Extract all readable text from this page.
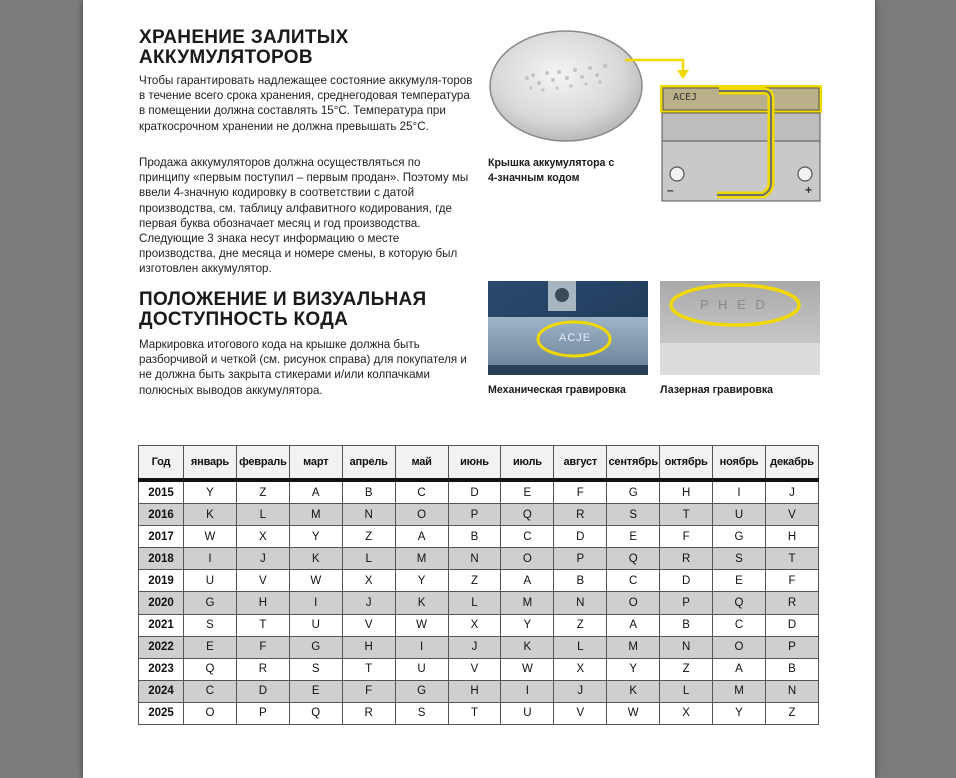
ХРАНЕНИЕ ЗАЛИТЫХ
АККУМУЛЯТОРОВ

Чтобы гарантировать надлежащее состояние аккумуля-торов в течение всего срока хранения, среднегодовая температура в помещении должна составлять 15°С. Температура при краткосрочном хранении не должна превышать 25°С.

Продажа аккумуляторов должна осуществляться по принципу «первым поступил – первым продан». Поэтому мы ввели 4-значную кодировку в соответствии с датой производства, см. таблицу алфавитного кодирования, где первая буква обозначает месяц и год производства. Следующие 3 знака несут информацию о месте производства, дне месяца и номере смены, в которую был изготовлен аккумулятор.

ПОЛОЖЕНИЕ И ВИЗУАЛЬНАЯ
ДОСТУПНОСТЬ КОДА

Маркировка итогового кода на крышке должна быть разборчивой и четкой (см. рисунок справа) для покупателя и не должна быть закрыта стикерами и/или колпачками полюсных выводов аккумулятора.

ACEJ
–	+
Крышка аккумулятора с
4-значным кодом
ACJE
Механическая гравировка
P H E D
Лазерная гравировка
Год	январь	февраль	март	апрель	май	июнь	июль	август	сентябрь	октябрь	ноябрь	декабрь
2015	Y	Z	A	B	C	D	E	F	G	H	I	J
2016	K	L	M	N	O	P	Q	R	S	T	U	V
2017	W	X	Y	Z	A	B	C	D	E	F	G	H
2018	I	J	K	L	M	N	O	P	Q	R	S	T
2019	U	V	W	X	Y	Z	A	B	C	D	E	F
2020	G	H	I	J	K	L	M	N	O	P	Q	R
2021	S	T	U	V	W	X	Y	Z	A	B	C	D
2022	E	F	G	H	I	J	K	L	M	N	O	P
2023	Q	R	S	T	U	V	W	X	Y	Z	A	B
2024	C	D	E	F	G	H	I	J	K	L	M	N
2025	O	P	Q	R	S	T	U	V	W	X	Y	Z
